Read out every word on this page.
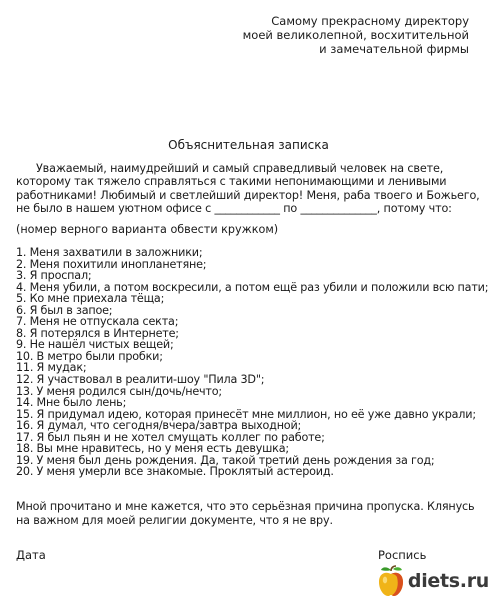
Самому прекрасному директору
моей великолепной, восхитительной
и замечательной фирмы
Объяснительная записка

Уважаемый, наимудрейший и самый справедливый человек на свете, которому так тяжело справляться с такими непонимающими и ленивыми работниками! Любимый и светлейший директор! Меня, раба твоего и Божьего, не было в нашем уютном офисе с ____________ по ______________, потому что:

(номер верного варианта обвести кружком)
1. Меня захватили в заложники;
2. Меня похитили инопланетяне;
3. Я проспал;
4. Меня убили, а потом воскресили, а потом ещё раз убили и положили всю пати;
5. Ко мне приехала тёща;
6. Я был в запое;
7. Меня не отпускала секта;
8. Я потерялся в Интернете;
9. Не нашёл чистых вещей;
10. В метро были пробки;
11. Я мудак;
12. Я участвовал в реалити-шоу "Пила 3D";
13. У меня родился сын/дочь/нечто;
14. Мне было лень;
15. Я придумал идею, которая принесёт мне миллион, но её уже давно украли;
16. Я думал, что сегодня/вчера/завтра выходной;
17. Я был пьян и не хотел смущать коллег по работе;
18. Вы мне нравитесь, но у меня есть девушка;
19. У меня был день рождения. Да, такой третий день рождения за год;
20. У меня умерли все знакомые. Проклятый астероид.
Мной прочитано и мне кажется, что это серьёзная причина пропуска. Клянусь на важном для моей религии документе, что я не вру.
Дата	Роспись
diets.ru
